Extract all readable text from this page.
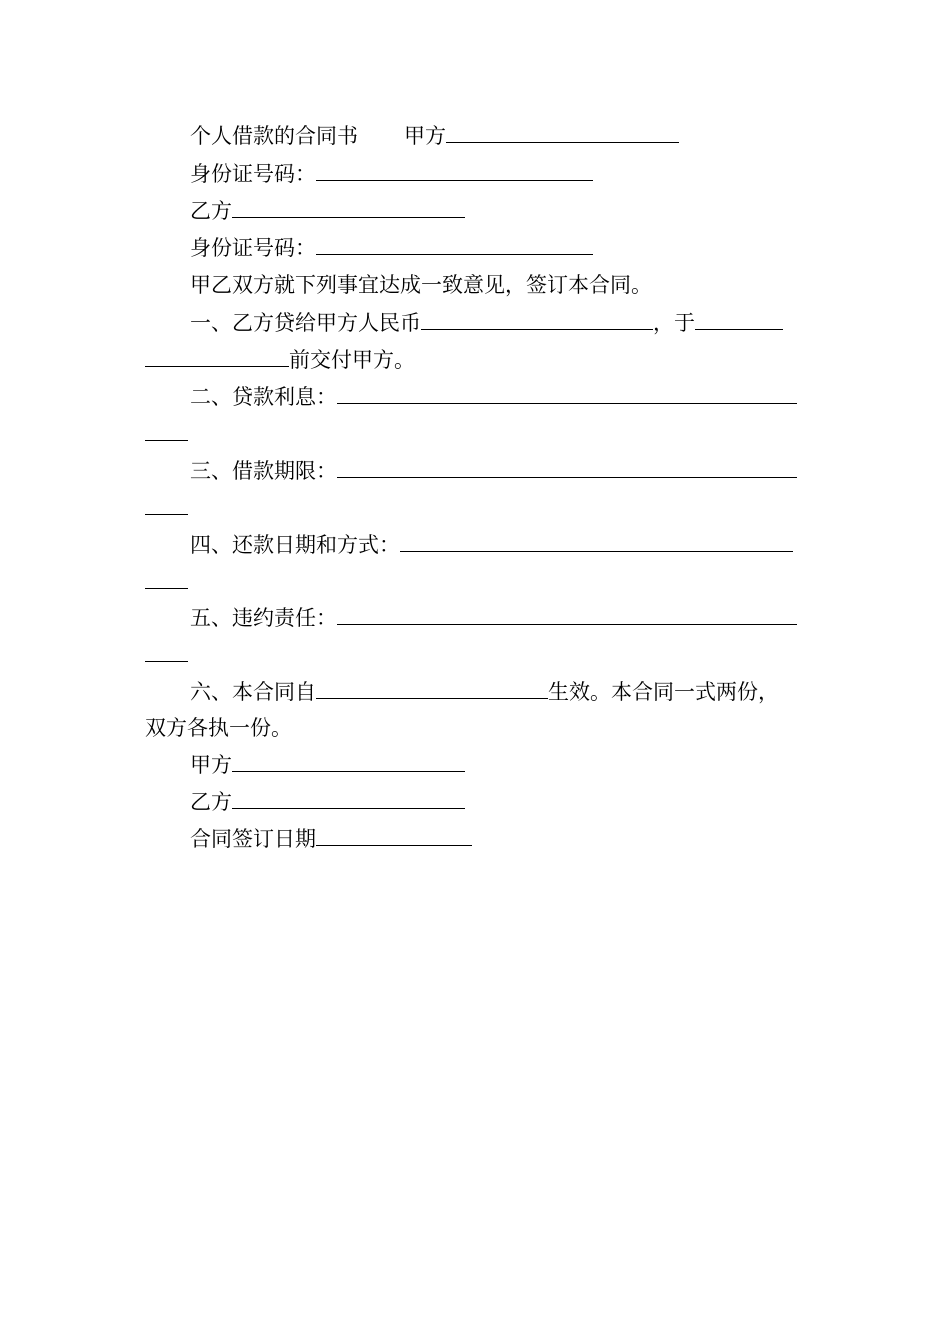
个人借款的合同书 甲方
身份证号码：
乙方
身份证号码：
甲乙双方就下列事宜达成一致意见，签订本合同。
一、乙方贷给甲方人民币	，于
前交付甲方。
二、贷款利息：
三、借款期限：
四、还款日期和方式：
五、违约责任：
六、本合同自	生效。本合同一式两份，
双方各执一份。
甲方
乙方
合同签订日期
